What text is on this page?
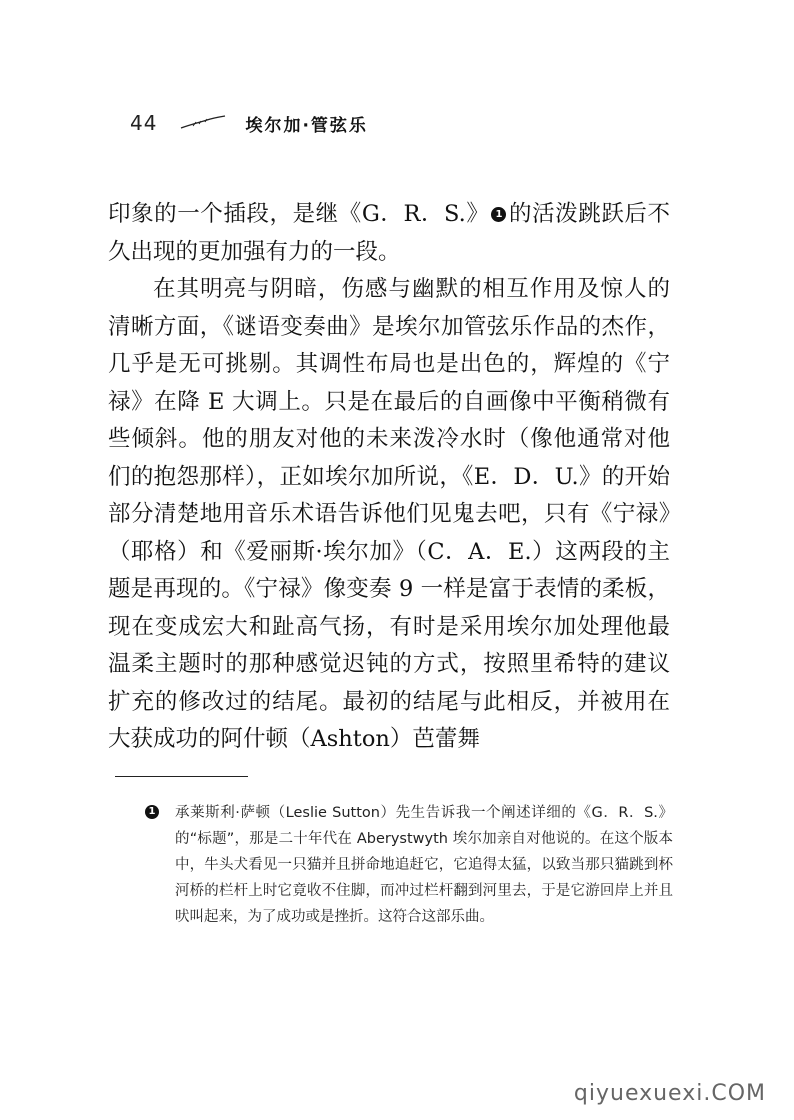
44	埃尔加·管弦乐

印象的一个插段，是继《G．R．S.》 1 的活泼跳跃后不久出现的更加强有力的一段。

在其明亮与阴暗，伤感与幽默的相互作用及惊人的清晰方面，《谜语变奏曲》是埃尔加管弦乐作品的杰作，几乎是无可挑剔。其调性布局也是出色的，辉煌的《宁禄》在降 E 大调上。只是在最后的自画像中平衡稍微有些倾斜。他的朋友对他的未来泼冷水时（像他通常对他们的抱怨那样），正如埃尔加所说，《E．D．U.》的开始部分清楚地用音乐术语告诉他们见鬼去吧，只有《宁禄》（耶格）和《爱丽斯·埃尔加》（C．A．E.）这两段的主题是再现的。《宁禄》像变奏 9 一样是富于表情的柔板，现在变成宏大和趾高气扬，有时是采用埃尔加处理他最温柔主题时的那种感觉迟钝的方式，按照里希特的建议扩充的修改过的结尾。最初的结尾与此相反，并被用在大获成功的阿什顿（Ashton）芭蕾舞

1 承莱斯利·萨顿（Leslie Sutton）先生告诉我一个阐述详细的《G．R．S.》的“标题”，那是二十年代在 Aberystwyth 埃尔加亲自对他说的。在这个版本中，牛头犬看见一只猫并且拼命地追赶它，它追得太猛，以致当那只猫跳到杯河桥的栏杆上时它竟收不住脚，而冲过栏杆翻到河里去，于是它游回岸上并且吠叫起来，为了成功或是挫折。这符合这部乐曲。
qiyuexuexi.COM
